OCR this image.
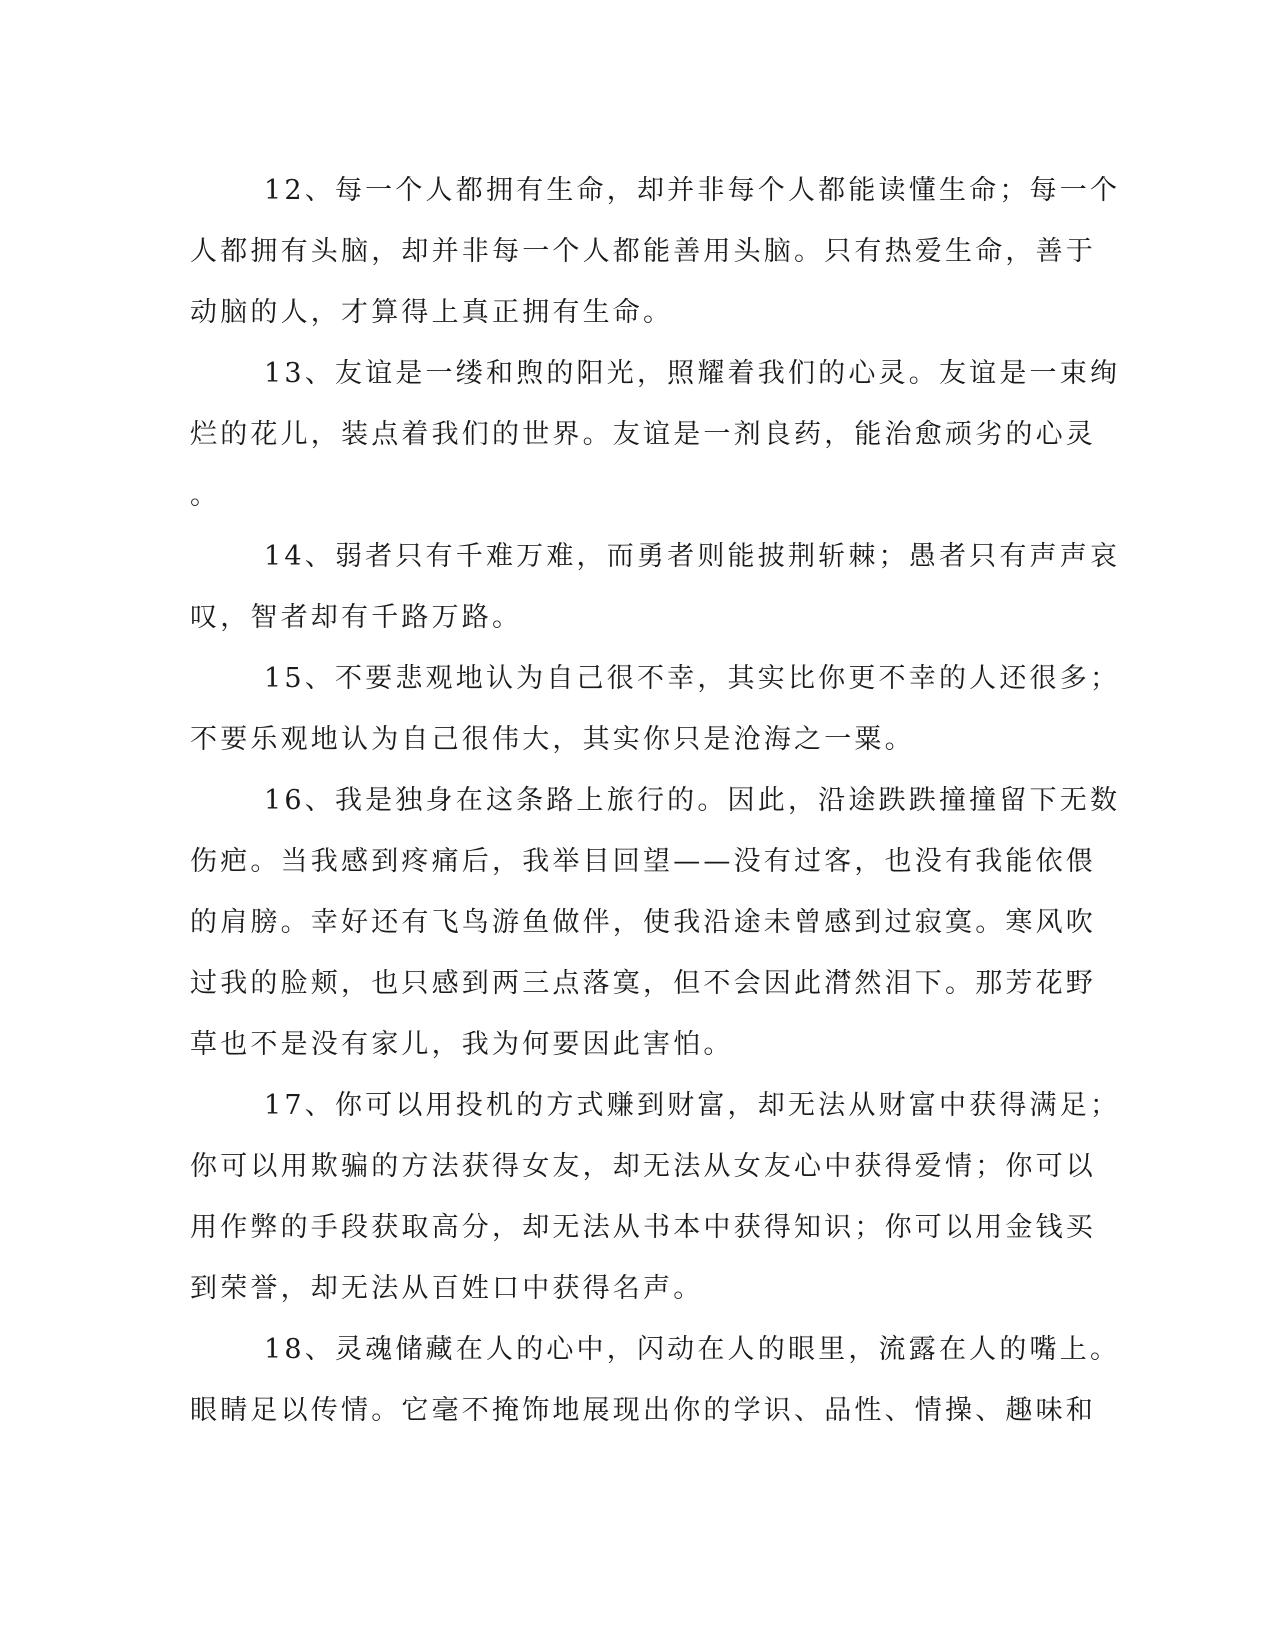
12、每一个人都拥有生命，却并非每个人都能读懂生命；每一个
人都拥有头脑，却并非每一个人都能善用头脑。只有热爱生命，善于
动脑的人，才算得上真正拥有生命。

13、友谊是一缕和煦的阳光，照耀着我们的心灵。友谊是一束绚
烂的花儿，装点着我们的世界。友谊是一剂良药，能治愈顽劣的心灵
。

14、弱者只有千难万难，而勇者则能披荆斩棘；愚者只有声声哀
叹，智者却有千路万路。

15、不要悲观地认为自己很不幸，其实比你更不幸的人还很多；
不要乐观地认为自己很伟大，其实你只是沧海之一粟。

16、我是独身在这条路上旅行的。因此，沿途跌跌撞撞留下无数
伤疤。当我感到疼痛后，我举目回望——没有过客，也没有我能依偎
的肩膀。幸好还有飞鸟游鱼做伴，使我沿途未曾感到过寂寞。寒风吹
过我的脸颊，也只感到两三点落寞，但不会因此潸然泪下。那芳花野
草也不是没有家儿，我为何要因此害怕。

17、你可以用投机的方式赚到财富，却无法从财富中获得满足；
你可以用欺骗的方法获得女友，却无法从女友心中获得爱情；你可以
用作弊的手段获取高分，却无法从书本中获得知识；你可以用金钱买
到荣誉，却无法从百姓口中获得名声。

18、灵魂储藏在人的心中，闪动在人的眼里，流露在人的嘴上。
眼睛足以传情。它毫不掩饰地展现出你的学识、品性、情操、趣味和
